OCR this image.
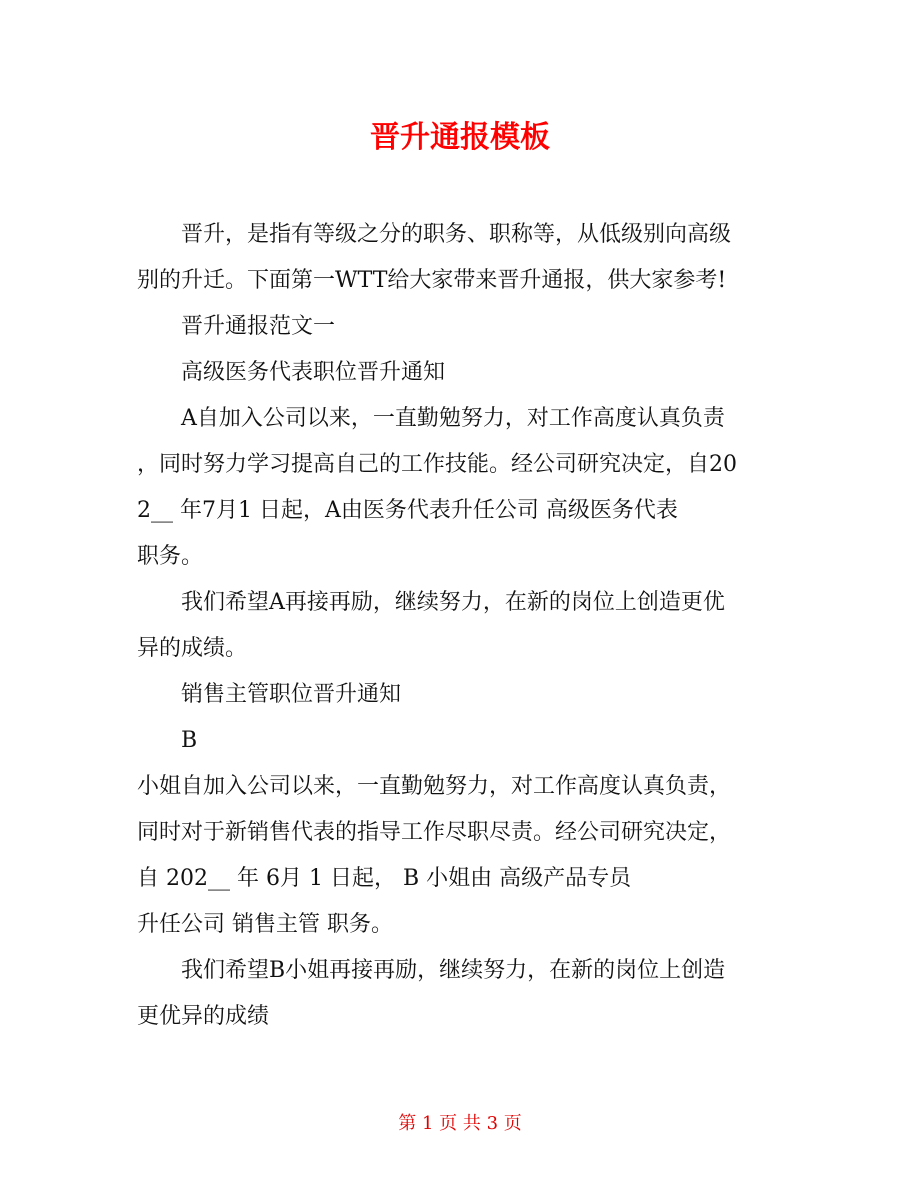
晋升通报模板
晋升，是指有等级之分的职务、职称等，从低级别向高级
别的升迁。下面第一WTT给大家带来晋升通报，供大家参考!
晋升通报范文一
高级医务代表职位晋升通知
A自加入公司以来，一直勤勉努力，对工作高度认真负责
，同时努力学习提高自己的工作技能。经公司研究决定，自20
2__ 年7月1 日起，A由医务代表升任公司 高级医务代表
职务。
我们希望A再接再励，继续努力，在新的岗位上创造更优
异的成绩。
销售主管职位晋升通知
B
小姐自加入公司以来，一直勤勉努力，对工作高度认真负责，
同时对于新销售代表的指导工作尽职尽责。经公司研究决定，
自 202__ 年 6月 1 日起， B 小姐由 高级产品专员
升任公司 销售主管 职务。
我们希望B小姐再接再励，继续努力，在新的岗位上创造
更优异的成绩
第 1 页 共 3 页
